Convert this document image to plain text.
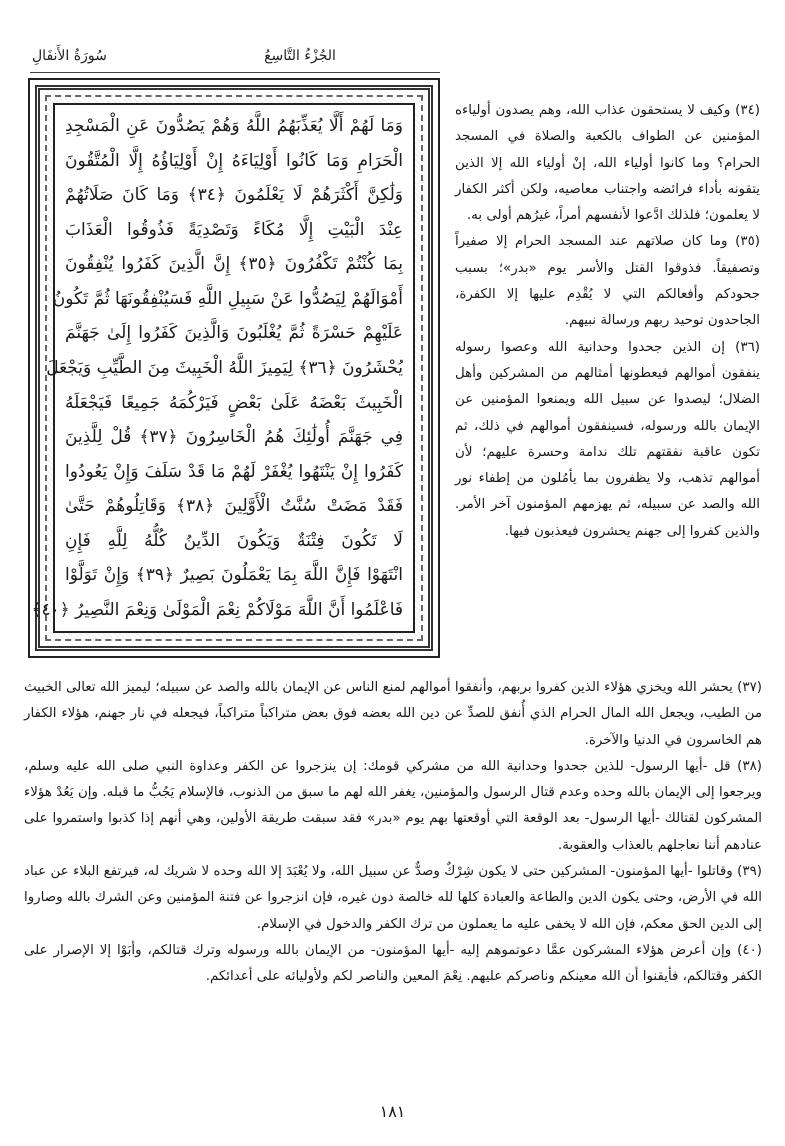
سُورَةُ الأَنفَالِ	الجُزْءُ التَّاسِعُ
وَمَا لَهُمْ أَلَّا يُعَذِّبَهُمُ اللَّهُ وَهُمْ يَصُدُّونَ عَنِ الْمَسْجِدِ
الْحَرَامِ وَمَا كَانُوا أَوْلِيَاءَهُ إِنْ أَوْلِيَاؤُهُ إِلَّا الْمُتَّقُونَ
وَلَٰكِنَّ أَكْثَرَهُمْ لَا يَعْلَمُونَ ﴿٣٤﴾ وَمَا كَانَ صَلَاتُهُمْ
عِنْدَ الْبَيْتِ إِلَّا مُكَاءً وَتَصْدِيَةً فَذُوقُوا الْعَذَابَ
بِمَا كُنْتُمْ تَكْفُرُونَ ﴿٣٥﴾ إِنَّ الَّذِينَ كَفَرُوا يُنْفِقُونَ
أَمْوَالَهُمْ لِيَصُدُّوا عَنْ سَبِيلِ اللَّهِ فَسَيُنْفِقُونَهَا ثُمَّ تَكُونُ
عَلَيْهِمْ حَسْرَةً ثُمَّ يُغْلَبُونَ وَالَّذِينَ كَفَرُوا إِلَىٰ جَهَنَّمَ
يُحْشَرُونَ ﴿٣٦﴾ لِيَمِيزَ اللَّهُ الْخَبِيثَ مِنَ الطَّيِّبِ وَيَجْعَلَ
الْخَبِيثَ بَعْضَهُ عَلَىٰ بَعْضٍ فَيَرْكُمَهُ جَمِيعًا فَيَجْعَلَهُ
فِي جَهَنَّمَ أُولَٰئِكَ هُمُ الْخَاسِرُونَ ﴿٣٧﴾ قُلْ لِلَّذِينَ
كَفَرُوا إِنْ يَنْتَهُوا يُغْفَرْ لَهُمْ مَا قَدْ سَلَفَ وَإِنْ يَعُودُوا
فَقَدْ مَضَتْ سُنَّتُ الْأَوَّلِينَ ﴿٣٨﴾ وَقَاتِلُوهُمْ حَتَّىٰ
لَا تَكُونَ فِتْنَةٌ وَيَكُونَ الدِّينُ كُلُّهُ لِلَّهِ فَإِنِ
انْتَهَوْا فَإِنَّ اللَّهَ بِمَا يَعْمَلُونَ بَصِيرٌ ﴿٣٩﴾ وَإِنْ تَوَلَّوْا
فَاعْلَمُوا أَنَّ اللَّهَ مَوْلَاكُمْ نِعْمَ الْمَوْلَىٰ وَنِعْمَ النَّصِيرُ ﴿٤٠﴾

(٣٤) وكيف لا يستحقون عذاب الله، وهم يصدون أولياءه المؤمنين عن الطواف بالكعبة والصلاة في المسجد الحرام؟ وما كانوا أولياء الله، إنْ أولياء الله إلا الذين يتقونه بأداء فرائضه واجتناب معاصيه، ولكن أكثر الكفار لا يعلمون؛ فلذلك ادَّعوا لأنفسهم أمراً، غيرُهم أولى به.

(٣٥) وما كان صلاتهم عند المسجد الحرام إلا صفيراً وتصفيقاً. فذوقوا القتل والأسر يوم «بدر»؛ بسبب جحودكم وأفعالكم التي لا يُقْدِم عليها إلا الكفرة، الجاحدون توحيد ربهم ورسالة نبيهم.

(٣٦) إن الذين جحدوا وحدانية الله وعصوا رسوله ينفقون أموالهم فيعطونها أمثالهم من المشركين وأهل الضلال؛ ليصدوا عن سبيل الله ويمنعوا المؤمنين عن الإيمان بالله ورسوله، فسينفقون أموالهم في ذلك، ثم تكون عاقبة نفقتهم تلك ندامة وحسرة عليهم؛ لأن أموالهم تذهب، ولا يظفرون بما يأمُلون من إطفاء نور الله والصد عن سبيله، ثم يهزمهم المؤمنون آخر الأمر. والذين كفروا إلى جهنم يحشرون فيعذبون فيها.

(٣٧) يحشر الله ويخزي هؤلاء الذين كفروا بربهم، وأنفقوا أموالهم لمنع الناس عن الإيمان بالله والصد عن سبيله؛ ليميز الله تعالى الخبيث من الطيب، ويجعل الله المال الحرام الذي أُنفق للصدِّ عن دين الله بعضه فوق بعض متراكباً متراكباً، فيجعله في نار جهنم، هؤلاء الكفار هم الخاسرون في الدنيا والآخرة.

(٣٨) قل -أيها الرسول- للذين جحدوا وحدانية الله من مشركي قومك: إن ينزجروا عن الكفر وعداوة النبي صلى الله عليه وسلم، ويرجعوا إلى الإيمان بالله وحده وعدم قتال الرسول والمؤمنين، يغفر الله لهم ما سبق من الذنوب، فالإسلام يَجُبُّ ما قبله. وإن يَعُدْ هؤلاء المشركون لقتالك -أيها الرسول- بعد الوقعة التي أوقعتها بهم يوم «بدر» فقد سبقت طريقة الأولين، وهي أنهم إذا كذبوا واستمروا على عنادهم أننا نعاجلهم بالعذاب والعقوبة.

(٣٩) وقاتلوا -أيها المؤمنون- المشركين حتى لا يكون شِرْكٌ وصدٌّ عن سبيل الله، ولا يُعْبَدَ إلا الله وحده لا شريك له، فيرتفع البلاء عن عباد الله في الأرض، وحتى يكون الدين والطاعة والعبادة كلها لله خالصة دون غيره، فإن انزجروا عن فتنة المؤمنين وعن الشرك بالله وصاروا إلى الدين الحق معكم، فإن الله لا يخفى عليه ما يعملون من ترك الكفر والدخول في الإسلام.

(٤٠) وإن أعرض هؤلاء المشركون عمَّا دعوتموهم إليه -أيها المؤمنون- من الإيمان بالله ورسوله وترك قتالكم، وأبَوْا إلا الإصرار على الكفر وقتالكم، فأيقنوا أن الله معينكم وناصركم عليهم. نِعْمَ المعين والناصر لكم ولأوليائه على أعدائكم.

١٨١
